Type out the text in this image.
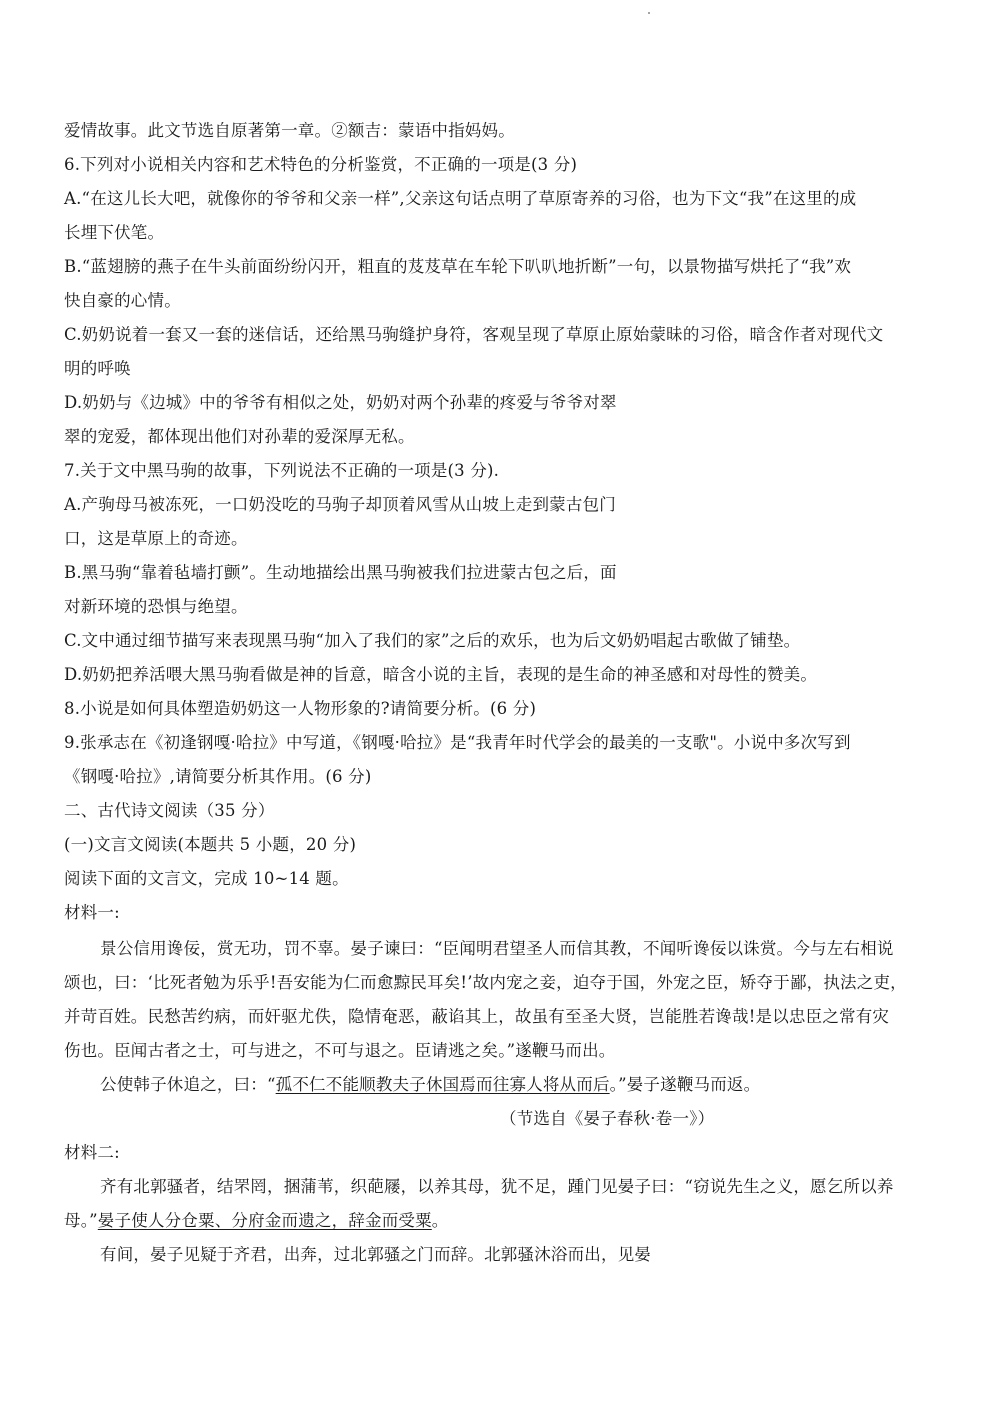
爱情故事。此文节选自原著第一章。②额吉：蒙语中指妈妈。
6.下列对小说相关内容和艺术特色的分析鉴赏，不正确的一项是(3 分)
A.“在这儿长大吧，就像你的爷爷和父亲一样”,父亲这句话点明了草原寄养的习俗，也为下文“我”在这里的成
长埋下伏笔。
B.“蓝翅膀的燕子在牛头前面纷纷闪开，粗直的芨芨草在车轮下叭叭地折断”一句，以景物描写烘托了“我”欢
快自豪的心情。
C.奶奶说着一套又一套的迷信话，还给黑马驹缝护身符，客观呈现了草原止原始蒙昧的习俗，暗含作者对现代文
明的呼唤
D.奶奶与《边城》中的爷爷有相似之处，奶奶对两个孙辈的疼爱与爷爷对翠
翠的宠爱，都体现出他们对孙辈的爱深厚无私。
7.关于文中黑马驹的故事，下列说法不正确的一项是(3 分).
A.产驹母马被冻死，一口奶没吃的马驹子却顶着风雪从山坡上走到蒙古包门
口，这是草原上的奇迹。
B.黑马驹“靠着毡墙打颤”。生动地描绘出黑马驹被我们拉进蒙古包之后，面
对新环境的恐惧与绝望。
C.文中通过细节描写来表现黑马驹“加入了我们的家”之后的欢乐，也为后文奶奶唱起古歌做了铺垫。
D.奶奶把养活喂大黑马驹看做是神的旨意，暗含小说的主旨，表现的是生命的神圣感和对母性的赞美。
8.小说是如何具体塑造奶奶这一人物形象的?请简要分析。(6 分)
9.张承志在《初逢钢嘎·哈拉》中写道，《钢嘎·哈拉》是“我青年时代学会的最美的一支歌"。小说中多次写到
《钢嘎·哈拉》,请简要分析其作用。(6 分)
二、古代诗文阅读（35 分）
(一)文言文阅读(本题共 5 小题，20 分)
阅读下面的文言文，完成 10~14 题。
材料一:
景公信用谗佞，赏无功，罚不辜。晏子谏曰：“臣闻明君望圣人而信其教，不闻听谗佞以诛赏。今与左右相说
颂也，曰：‘比死者勉为乐乎!吾安能为仁而愈黥民耳矣!’故内宠之妾，迫夺于国，外宠之臣，矫夺于鄙，执法之吏，
并苛百姓。民愁苦约病，而奸驱尤佚，隐情奄恶，蔽谄其上，故虽有至圣大贤，岂能胜若谗哉!是以忠臣之常有灾
伤也。臣闻古者之士，可与进之，不可与退之。臣请逃之矣。”遂鞭马而出。
公使韩子休追之，曰：“孤不仁不能顺教夫子休国焉而往寡人将从而后。”晏子遂鞭马而返。
（节选自《晏子春秋·卷一》）
材料二:
齐有北郭骚者，结罘罔，捆蒲苇，织葩屦，以养其母，犹不足，踵门见晏子曰：“窃说先生之义，愿乞所以养
母。”晏子使人分仓粟、分府金而遗之，辞金而受粟。
有间，晏子见疑于齐君，出奔，过北郭骚之门而辞。北郭骚沐浴而出，见晏
